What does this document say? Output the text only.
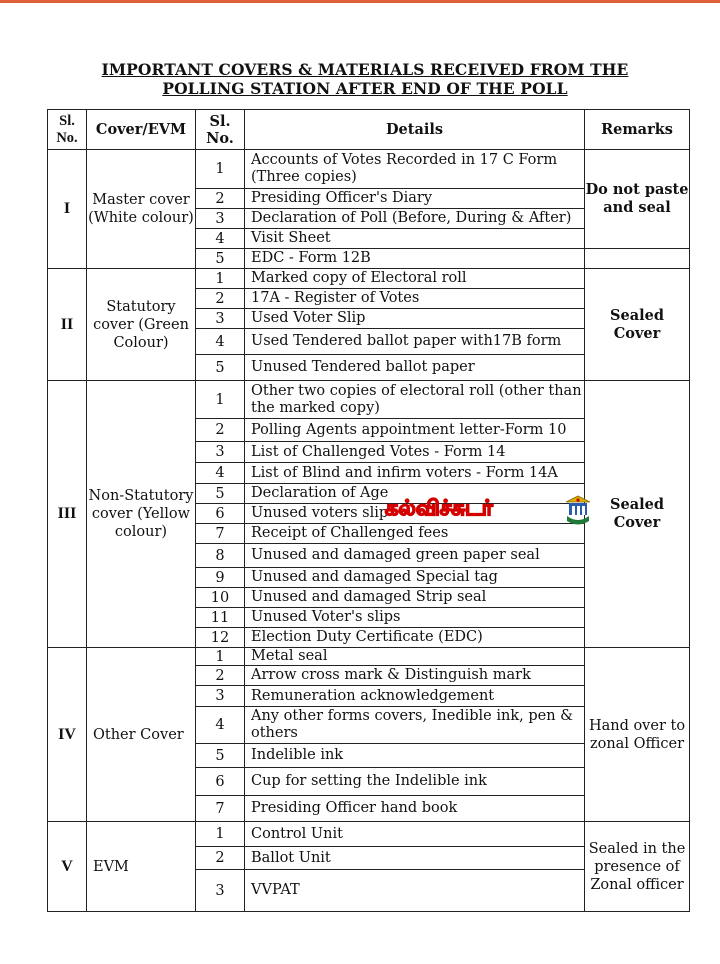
IMPORTANT COVERS & MATERIALS RECEIVED FROM THE
POLLING STATION AFTER END OF THE POLL
Sl. No.	Cover/EVM	Sl. No.	Details	Remarks
I	Master cover (White colour)	1	Accounts of Votes Recorded in 17 C Form (Three copies)	Do not paste and seal
		2	Presiding Officer's Diary	
		3	Declaration of Poll (Before, During & After)	
		4	Visit Sheet	
		5	EDC - Form 12B	
II	Statutory cover (Green Colour)	1	Marked copy of Electoral roll	Sealed Cover
		2	17A - Register of Votes	
		3	Used Voter Slip	
		4	Used Tendered ballot paper with17B form	
		5	Unused Tendered ballot paper	
III	Non-Statutory cover (Yellow colour)	1	Other two copies of electoral roll (other than the marked copy)	Sealed Cover
		2	Polling Agents appointment letter-Form 10	
		3	List of Challenged Votes - Form 14	
		4	List of Blind and infirm voters - Form 14A	
		5	Declaration of Age	
		6	Unused voters slip	
		7	Receipt of Challenged fees	
		8	Unused and damaged green paper seal	
		9	Unused and damaged Special tag	
		10	Unused and damaged Strip seal	
		11	Unused Voter's slips	
		12	Election Duty Certificate (EDC)	
IV	Other Cover	1	Metal seal	Hand over to zonal Officer
		2	Arrow cross mark & Distinguish mark	
		3	Remuneration acknowledgement	
		4	Any other forms covers, Inedible ink, pen & others	
		5	Indelible ink	
		6	Cup for setting the Indelible ink	
		7	Presiding Officer hand book	
V	EVM	1	Control Unit	Sealed in the presence of Zonal officer
		2	Ballot Unit	
		3	VVPAT	
கல்விச்சுடர்
